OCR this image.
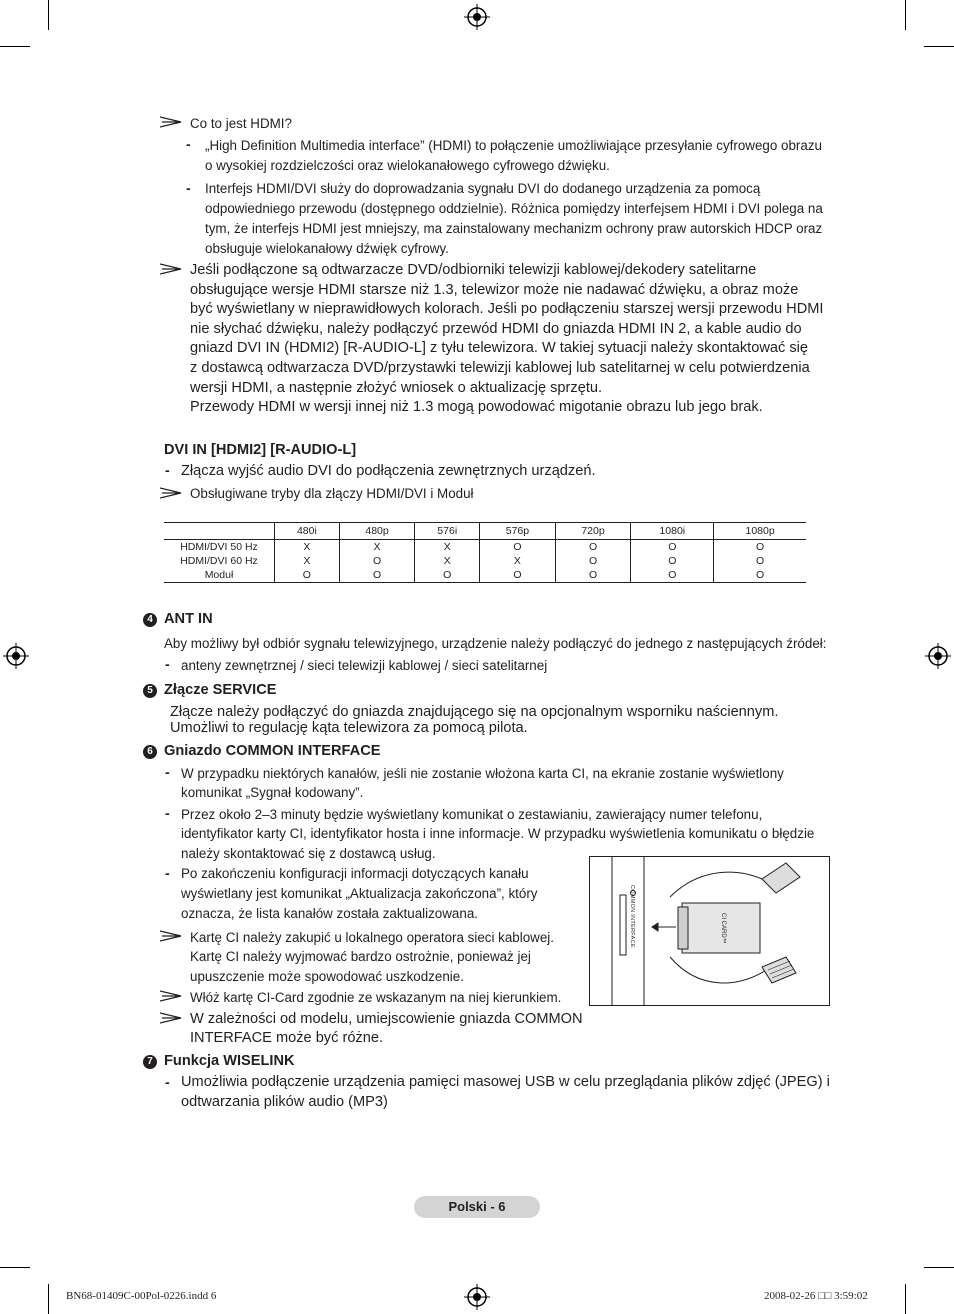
Co to jest HDMI?
- „High Definition Multimedia interface” (HDMI) to połączenie umożliwiające przesyłanie cyfrowego obrazu
o wysokiej rozdzielczości oraz wielokanałowego cyfrowego dźwięku.
- Interfejs HDMI/DVI służy do doprowadzania sygnału DVI do dodanego urządzenia za pomocą
odpowiedniego przewodu (dostępnego oddzielnie). Różnica pomiędzy interfejsem HDMI i DVI polega na
tym, że interfejs HDMI jest mniejszy, ma zainstalowany mechanizm ochrony praw autorskich HDCP oraz
obsługuje wielokanałowy dźwięk cyfrowy.
Jeśli podłączone są odtwarzacze DVD/odbiorniki telewizji kablowej/dekodery satelitarne
obsługujące wersje HDMI starsze niż 1.3, telewizor może nie nadawać dźwięku, a obraz może
być wyświetlany w nieprawidłowych kolorach. Jeśli po podłączeniu starszej wersji przewodu HDMI
nie słychać dźwięku, należy podłączyć przewód HDMI do gniazda HDMI IN 2, a kable audio do
gniazd DVI IN (HDMI2) [R-AUDIO-L] z tyłu telewizora. W takiej sytuacji należy skontaktować się
z dostawcą odtwarzacza DVD/przystawki telewizji kablowej lub satelitarnej w celu potwierdzenia
wersji HDMI, a następnie złożyć wniosek o aktualizację sprzętu.
Przewody HDMI w wersji innej niż 1.3 mogą powodować migotanie obrazu lub jego brak.
DVI IN [HDMI2] [R-AUDIO-L]
- Złącza wyjść audio DVI do podłączenia zewnętrznych urządzeń.
Obsługiwane tryby dla złączy HDMI/DVI i Moduł
	480i	480p	576i	576p	720p	1080i	1080p
HDMI/DVI 50 Hz	X	X	X	O	O	O	O
HDMI/DVI 60 Hz	X	O	X	X	O	O	O
Moduł	O	O	O	O	O	O	O
4 ANT IN
Aby możliwy był odbiór sygnału telewizyjnego, urządzenie należy podłączyć do jednego z następujących źródeł:
- anteny zewnętrznej / sieci telewizji kablowej / sieci satelitarnej
5 Złącze SERVICE
Złącze należy podłączyć do gniazda znajdującego się na opcjonalnym wsporniku naściennym.
Umożliwi to regulację kąta telewizora za pomocą pilota.
6 Gniazdo COMMON INTERFACE
- W przypadku niektórych kanałów, jeśli nie zostanie włożona karta CI, na ekranie zostanie wyświetlony
komunikat „Sygnał kodowany”.
- Przez około 2–3 minuty będzie wyświetlany komunikat o zestawianiu, zawierający numer telefonu,
identyfikator karty CI, identyfikator hosta i inne informacje. W przypadku wyświetlenia komunikatu o błędzie
należy skontaktować się z dostawcą usług.
- Po zakończeniu konfiguracji informacji dotyczących kanału
wyświetlany jest komunikat „Aktualizacja zakończona”, który
oznacza, że lista kanałów została zaktualizowana.
Kartę CI należy zakupić u lokalnego operatora sieci kablowej.
Kartę CI należy wyjmować bardzo ostrożnie, ponieważ jej
upuszczenie może spowodować uszkodzenie.
Włóż kartę CI-Card zgodnie ze wskazanym na niej kierunkiem.
W zależności od modelu, umiejscowienie gniazda COMMON
INTERFACE może być różne.
COMMON INTERFACE	CI CARD™
7 Funkcja WISELINK
- Umożliwia podłączenie urządzenia pamięci masowej USB w celu przeglądania plików zdjęć (JPEG) i
odtwarzania plików audio (MP3)
Polski - 6
BN68-01409C-00Pol-0226.indd 6	2008-02-26 □□ 3:59:02
